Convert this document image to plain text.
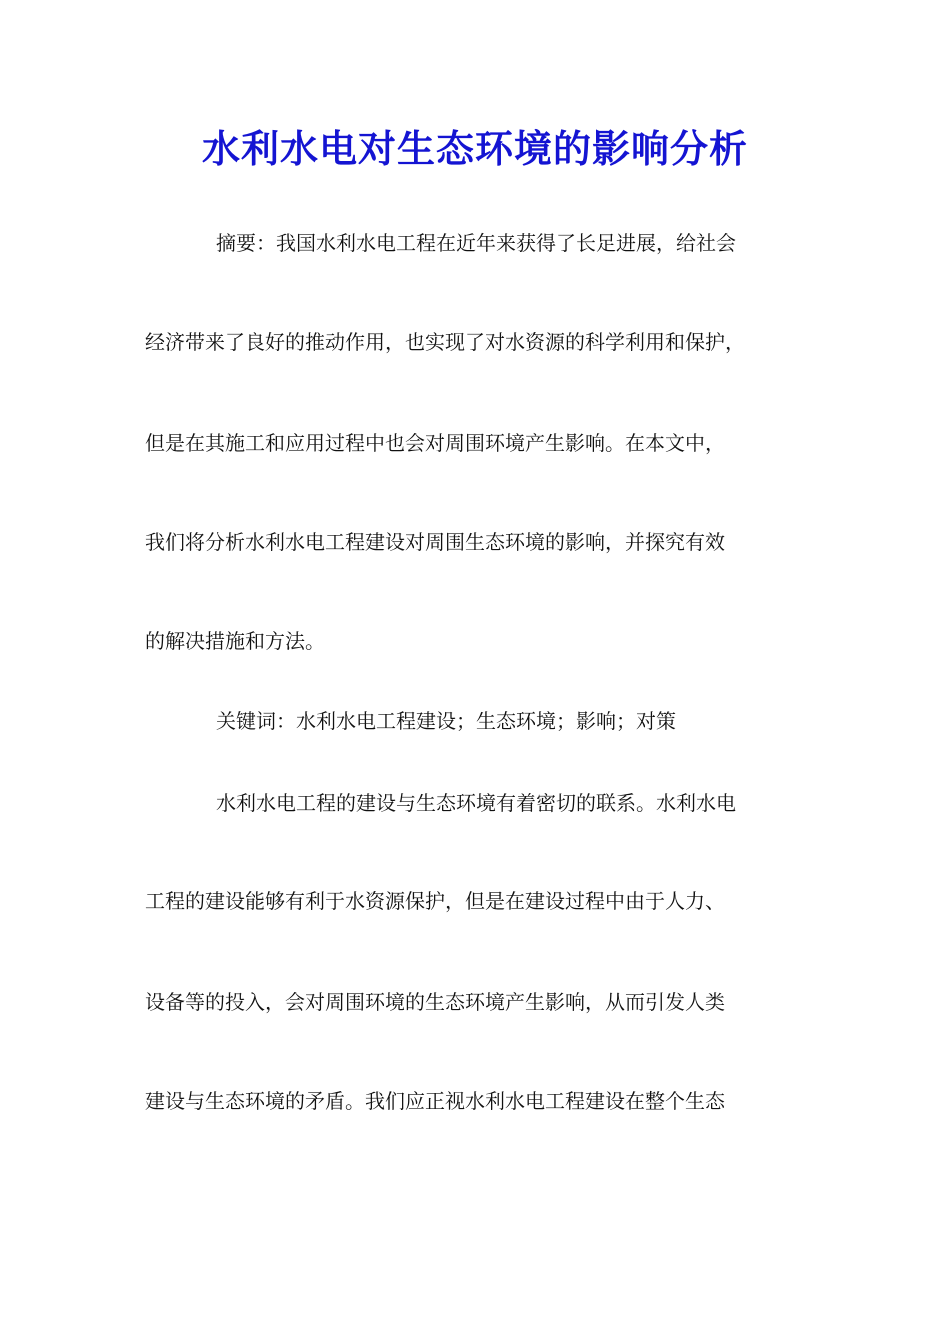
水利水电对生态环境的影响分析

摘要：我国水利水电工程在近年来获得了长足进展，给社会

经济带来了良好的推动作用，也实现了对水资源的科学利用和保护，

但是在其施工和应用过程中也会对周围环境产生影响。在本文中，

我们将分析水利水电工程建设对周围生态环境的影响，并探究有效

的解决措施和方法。

关键词：水利水电工程建设；生态环境；影响；对策

水利水电工程的建设与生态环境有着密切的联系。水利水电

工程的建设能够有利于水资源保护，但是在建设过程中由于人力、

设备等的投入，会对周围环境的生态环境产生影响，从而引发人类

建设与生态环境的矛盾。我们应正视水利水电工程建设在整个生态
